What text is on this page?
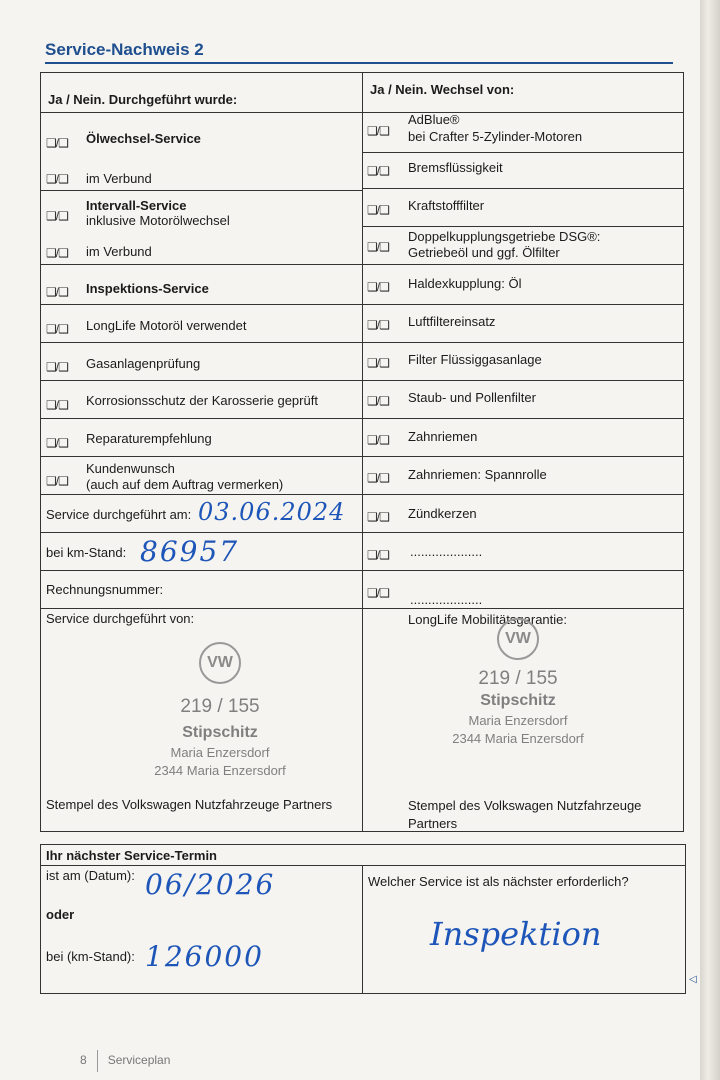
Service-Nachweis 2
Ja / Nein. Durchgeführt wurde:
Ja / Nein. Wechsel von:
❑/❑ Ölwechsel-Service
❑/❑ im Verbund
❑/❑
Intervall-Service
inklusive Motorölwechsel
❑/❑ im Verbund
❑/❑ Inspektions-Service
❑/❑ LongLife Motoröl verwendet
❑/❑ Gasanlagenprüfung
❑/❑ Korrosionsschutz der Karosserie geprüft
❑/❑ Reparaturempfehlung
❑/❑
Kundenwunsch
(auch auf dem Auftrag vermerken)
Service durchgeführt am: 03.06.2024
bei km-Stand: 86957
Rechnungsnummer:
Service durchgeführt von:
VW
219 / 155
Stipschitz
Maria Enzersdorf
2344 Maria Enzersdorf
Stempel des Volkswagen Nutzfahrzeuge Partners
❑/❑
AdBlue®
bei Crafter 5-Zylinder-Motoren
❑/❑ Bremsflüssigkeit
❑/❑ Kraftstofffilter
❑/❑
Doppelkupplungsgetriebe DSG®:
Getriebeöl und ggf. Ölfilter
❑/❑ Haldexkupplung: Öl
❑/❑ Luftfiltereinsatz
❑/❑ Filter Flüssiggasanlage
❑/❑ Staub- und Pollenfilter
❑/❑ Zahnriemen
❑/❑ Zahnriemen: Spannrolle
❑/❑ Zündkerzen
❑/❑ ....................
❑/❑ ....................
LongLife Mobilitätsgarantie:
VW
219 / 155
Stipschitz
Maria Enzersdorf
2344 Maria Enzersdorf
Stempel des Volkswagen Nutzfahrzeuge
Partners
Ihr nächster Service-Termin
ist am (Datum): 06/2026
oder
bei (km-Stand): 126000
Welcher Service ist als nächster erforderlich?
Inspektion
◁
8 Serviceplan
